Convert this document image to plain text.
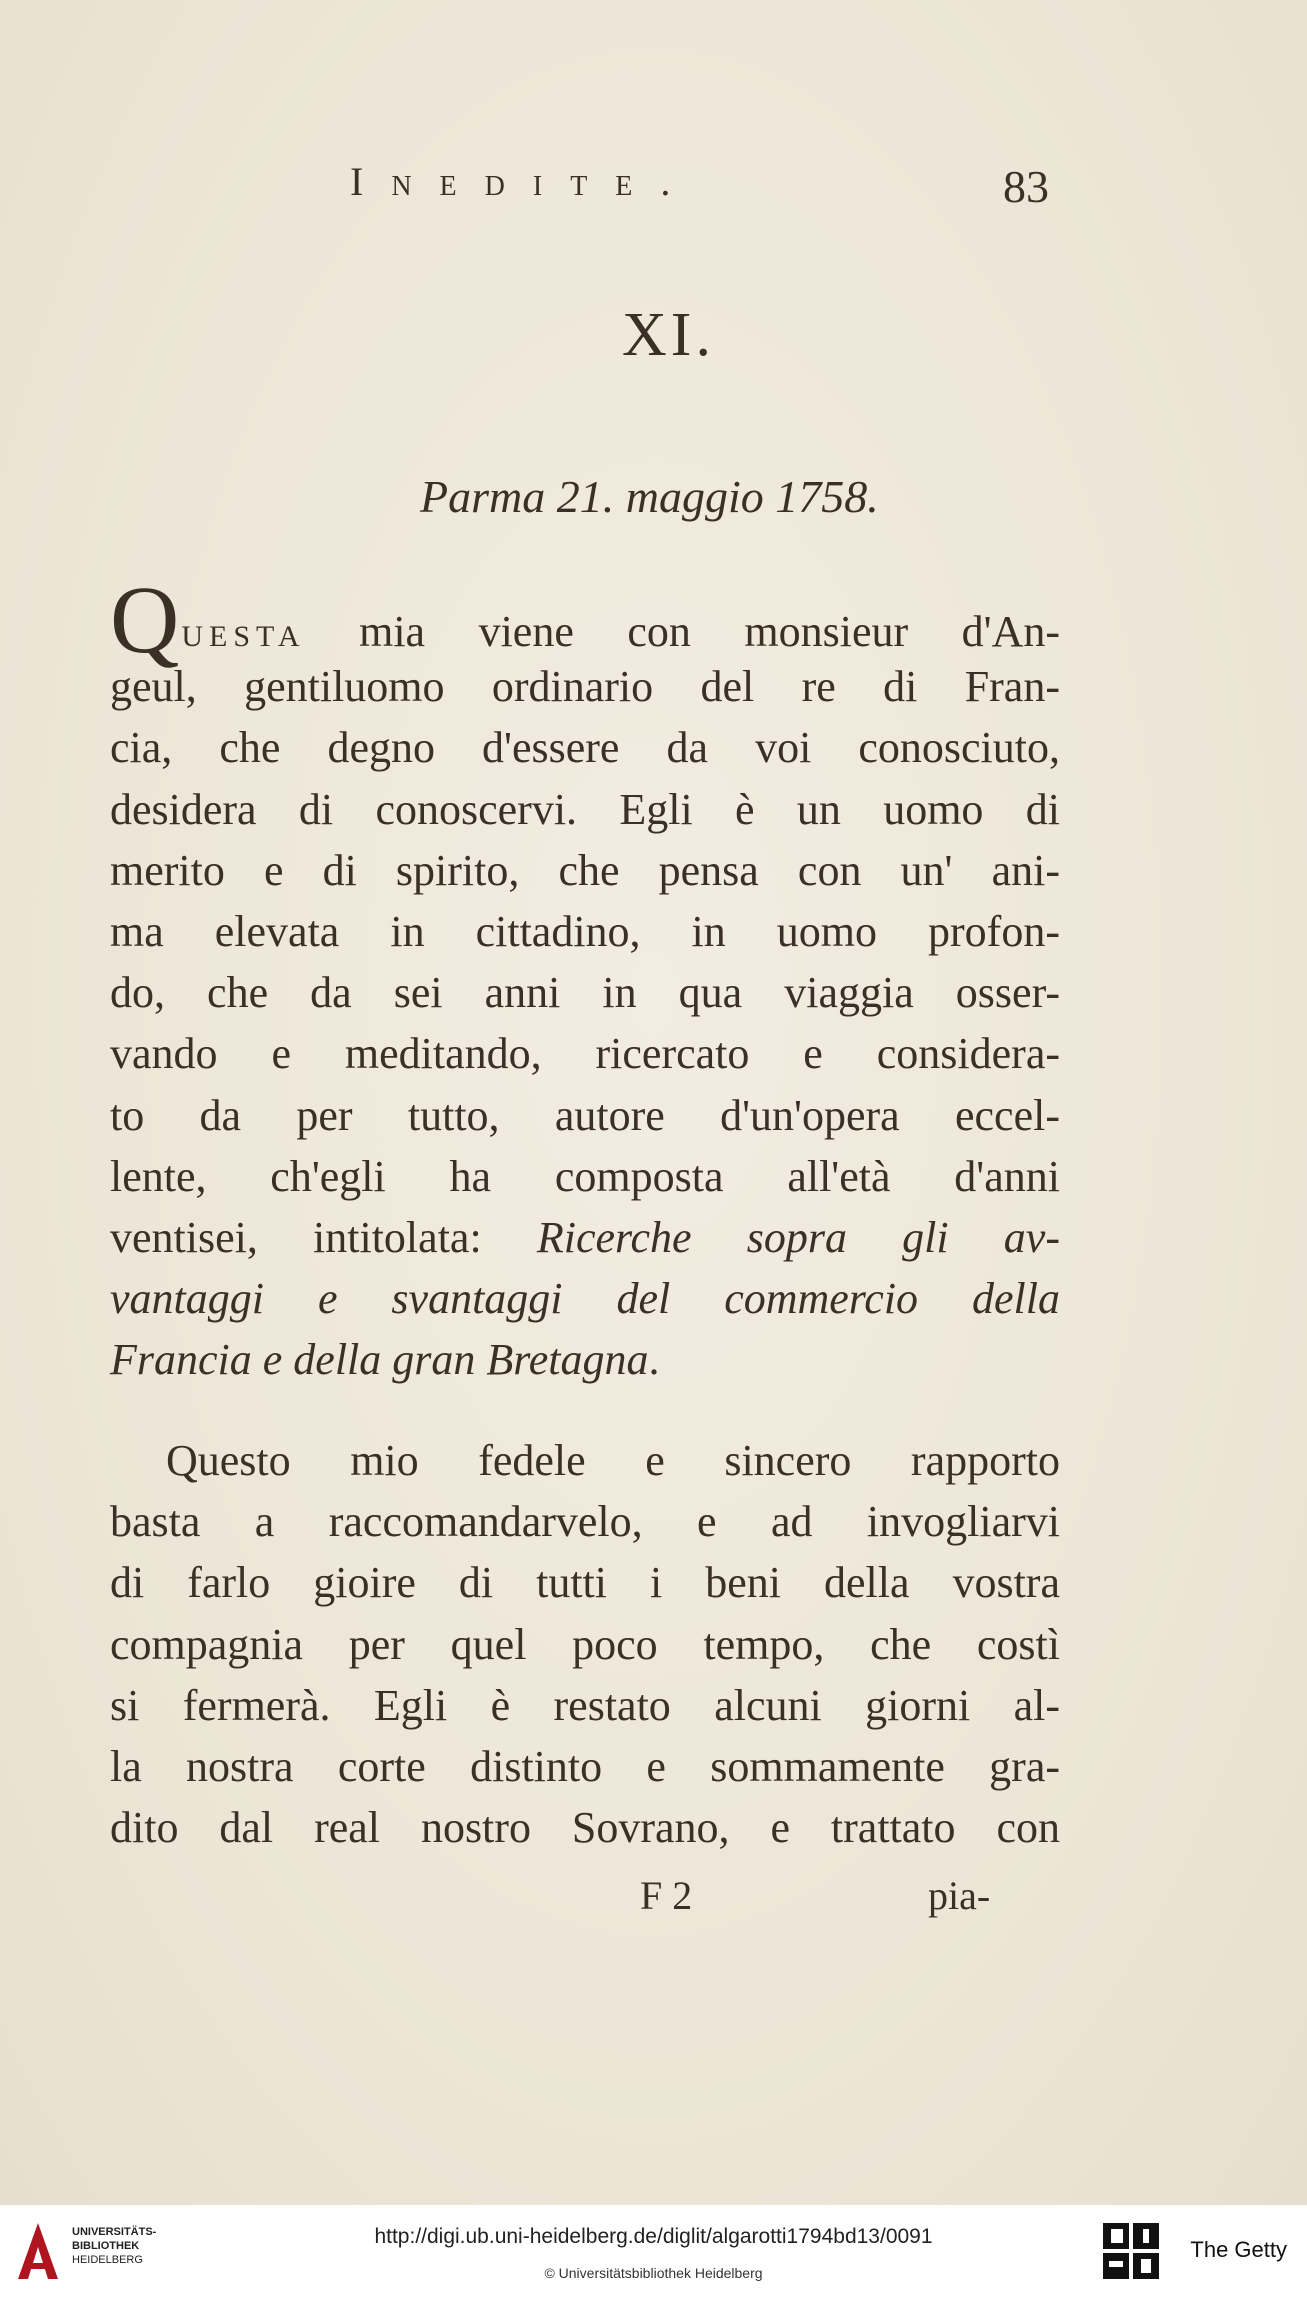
Inedite.	83
XI.
Parma 21. maggio 1758.
QUESTA mia viene con monsieur d'An-
geul, gentiluomo ordinario del re di Fran-
cia, che degno d'essere da voi conosciuto,
desidera di conoscervi. Egli è un uomo di
merito e di spirito, che pensa con un' ani-
ma elevata in cittadino, in uomo profon-
do, che da sei anni in qua viaggia osser-
vando e meditando, ricercato e considera-
to da per tutto, autore d'un'opera eccel-
lente, ch'egli ha composta all'età d'anni
ventisei, intitolata: Ricerche sopra gli av-
vantaggi e svantaggi del commercio della
Francia e della gran Bretagna.
Questo mio fedele e sincero rapporto
basta a raccomandarvelo, e ad invogliarvi
di farlo gioire di tutti i beni della vostra
compagnia per quel poco tempo, che costì
si fermerà. Egli è restato alcuni giorni al-
la nostra corte distinto e sommamente gra-
dito dal real nostro Sovrano, e trattato con
F 2	pia-
UNIVERSITÄTS-
BIBLIOTHEK
HEIDELBERG
http://digi.ub.uni-heidelberg.de/diglit/algarotti1794bd13/0091
© Universitätsbibliothek Heidelberg
The Getty
